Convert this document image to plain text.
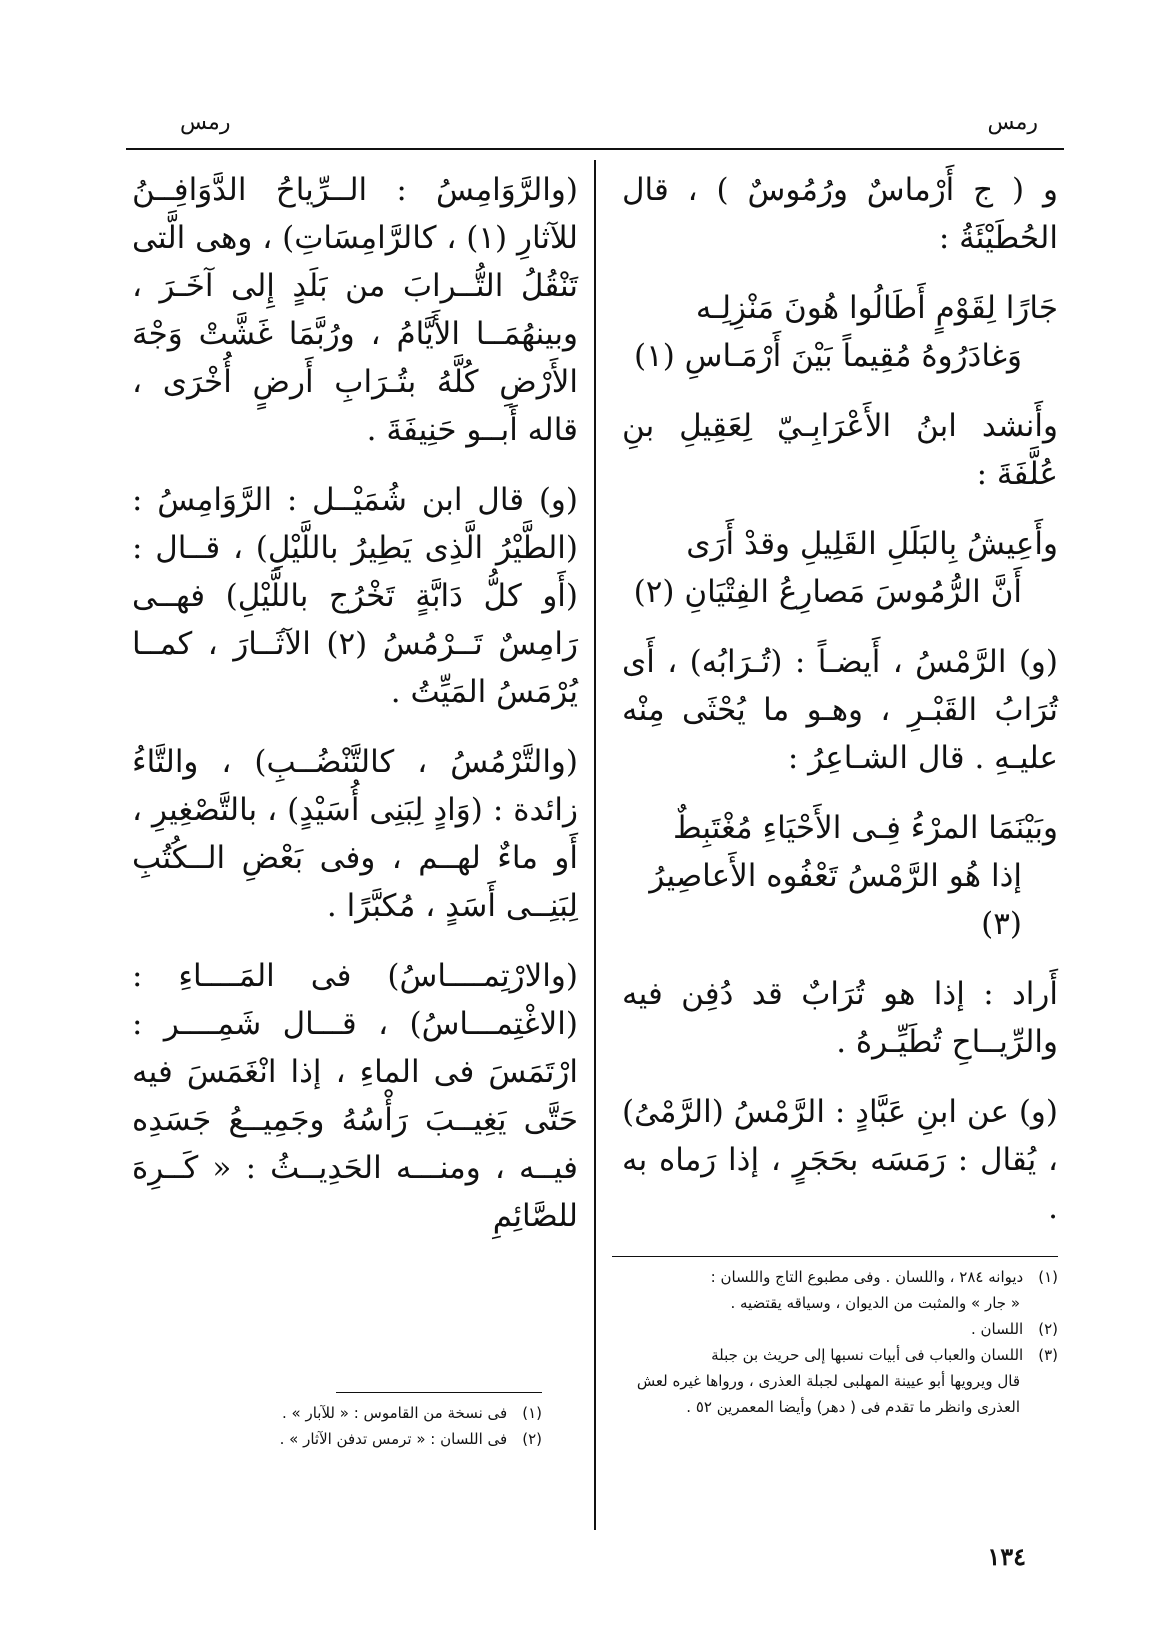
رمس
رمس

و ( ج أَرْماسٌ ورُمُوسٌ ) ، قال الحُطَيْئَةُ :

جَارًا لِقَوْمٍ أَطَالُوا هُونَ مَنْزِلِـه
وَغادَرُوهُ مُقِيماً بَيْنَ أَرْمَـاسِ (١)

وأَنشد ابنُ الأَعْرَابِـيّ لِعَقِيلِ بنِ عُلَّفَةَ :

وأَعِيشُ بِالبَلَلِ القَلِيلِ وقدْ أَرَى
أَنَّ الرُّمُوسَ مَصارِعُ الفِتْيَانِ (٢)

(و) الرَّمْسُ ، أَيضـاً : (تُـرَابُه) ، أَى تُرَابُ القَبْـرِ ، وهـو ما يُحْثَى مِنْه عليـهِ . قال الشـاعِرُ :

وبَيْنَمَا المرْءُ فِـى الأَحْيَاءِ مُغْتَبِطٌ
إذا هُو الرَّمْسُ تَعْفُوه الأَعاصِيرُ (٣)

أَراد : إذا هو تُرَابٌ قد دُفِن فيه والرِّيــاحِ تُطَيِّـرهُ .

(و) عن ابنِ عَبَّادٍ : الرَّمْسُ (الرَّمْىُ) ، يُقال : رَمَسَه بحَجَرٍ ، إذا رَماه به .

(١) ديوانه ٢٨٤ ، واللسان . وفى مطبوع التاج واللسان :
« جار » والمثبت من الديوان ، وسياقه يقتضيه .

(٢) اللسان .

(٣) اللسان والعباب فى أبيات نسبها إلى حريث بن جبلة
قال ويرويها أبو عيينة المهلبى لجبلة العذرى ، ورواها غيره لعش العذرى وانظر ما تقدم فى ( دهر) وأيضا المعمرين ٥٢ .

(والرَّوَامِسُ : الــرِّياحُ الدَّوَافِــنُ للآثارِ (١) ، كالرَّامِسَاتِ) ، وهى الَّتى تَنْقُلُ التُّــرابَ من بَلَدٍ إِلى آخَـرَ ، وبينهُمَــا الأَيَّامُ ، ورُبَّمَا غَشَّتْ وَجْهَ الأَرْضِ كُلَّهُ بتُـرَابِ أَرضٍ أُخْرَى ، قاله أَبــو حَنِيفَةَ .

(و) قال ابن شُمَيْــل : الرَّوَامِسُ : (الطَّيْرُ الَّذِى يَطِيرُ باللَّيْلِ) ، قــال : (أَو كلُّ دَابَّةٍ تَخْرُج باللَّيْلِ) فهــى رَامِسٌ تَــرْمُسُ (٢) الآثَــارَ ، كمــا يُرْمَسُ المَيِّتُ .

(والتَّرْمُسُ ، كالتَّنْضُــبِ) ، والتَّاءُ زائدة : (وَادٍ لِبَنِى أُسَيْدٍ) ، بالتَّصْغِيرِ ، أَو ماءٌ لهــم ، وفى بَعْضِ الــكُتُبِ لِبَنِــى أَسَدٍ ، مُكبَّرًا .

(والارْتِمــــاسُ) فى المَــــاءِ : (الاغْتِمـــاسُ) ، قـــال شَمِــــر : ارْتَمَسَ فى الماءِ ، إذا انْغَمَسَ فيه حَتَّى يَغِيــبَ رَأْسُهُ وجَمِيــعُ جَسَدِه فيــه ، ومنـــه الحَدِيــثُ : « كَــرِهَ للصَّائِمِ

(١) فى نسخة من القاموس : « للآبار » .

(٢) فى اللسان : « ترمس تدفن الآثار » .

١٣٤
